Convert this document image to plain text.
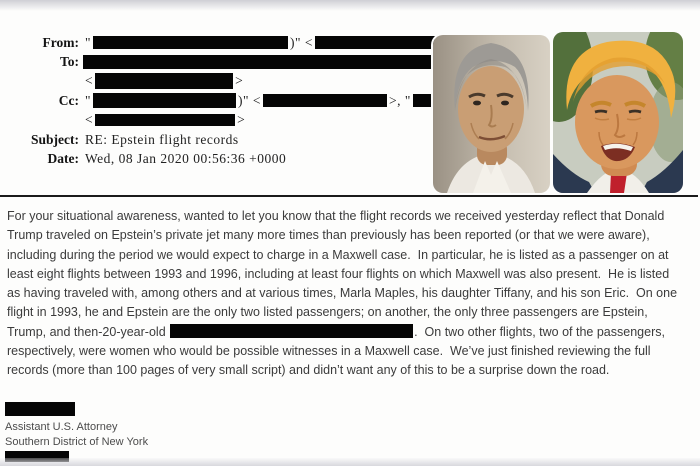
From: "	)" <
To:
<	>
Cc: "	)" <	>, "
<	>
Subject: RE: Epstein flight records
Date: Wed, 08 Jan 2020 00:56:36 +0000
For your situational awareness, wanted to let you know that the flight records we received yesterday reflect that Donald
Trump traveled on Epstein’s private jet many more times than previously has been reported (or that we were aware),
including during the period we would expect to charge in a Maxwell case.  In particular, he is listed as a passenger on at
least eight flights between 1993 and 1996, including at least four flights on which Maxwell was also present.  He is listed
as having traveled with, among others and at various times, Marla Maples, his daughter Tiffany, and his son Eric.  On one
flight in 1993, he and Epstein are the only two listed passengers; on another, the only three passengers are Epstein,
Trump, and then-20-year-old	.  On two other flights, two of the passengers,
respectively, were women who would be possible witnesses in a Maxwell case.  We’ve just finished reviewing the full
records (more than 100 pages of very small script) and didn’t want any of this to be a surprise down the road.
Assistant U.S. Attorney
Southern District of New York
